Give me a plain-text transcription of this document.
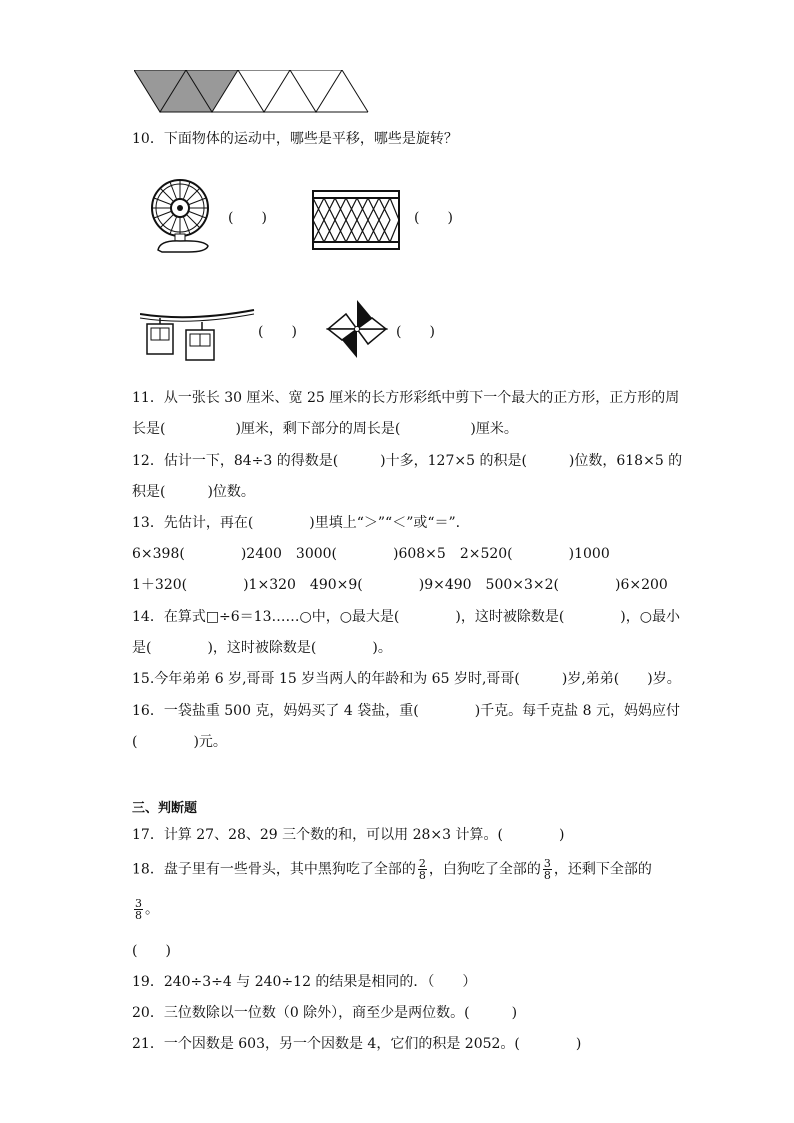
10．下面物体的运动中，哪些是平移，哪些是旋转？
(　　)	(　　)
(　　)	(　　)
11．从一张长 30 厘米、宽 25 厘米的长方形彩纸中剪下一个最大的正方形，正方形的周
长是(　　　　　)厘米，剩下部分的周长是(　　　　　)厘米。
12．估计一下，84÷3 的得数是(　　　)十多，127×5 的积是(　　　)位数，618×5 的
积是(　　　)位数。
13．先估计，再在(　　　　)里填上“＞”“＜”或“＝”.
6×398(　　　　)2400　3000(　　　　)608×5　2×520(　　　　)1000
1＋320(　　　　)1×320　490×9(　　　　)9×490　500×3×2(　　　　)6×200
14．在算式□÷6＝13……○中，○最大是(　　　　)，这时被除数是(　　　　)，○最小
是(　　　　)，这时被除数是(　　　　)。
15.今年弟弟 6 岁,哥哥 15 岁当两人的年龄和为 65 岁时,哥哥(　　　)岁,弟弟(　　)岁。
16．一袋盐重 500 克，妈妈买了 4 袋盐，重(　　　　)千克。每千克盐 8 元，妈妈应付
(　　　　)元。
三、判断题
17．计算 27、28、29 三个数的和，可以用 28×3 计算。(　　　　)
18．盘子里有一些骨头，其中黑狗吃了全部的 $\frac{2}{8}$ ，白狗吃了全部的 $\frac{3}{8}$ ，还剩下全部的
$\frac{3}{8}$ 。
(　　)
19．240÷3÷4 与 240÷12 的结果是相同的．（　　）
20．三位数除以一位数（0 除外），商至少是两位数。(　　　)
21．一个因数是 603，另一个因数是 4，它们的积是 2052。(　　　　)
